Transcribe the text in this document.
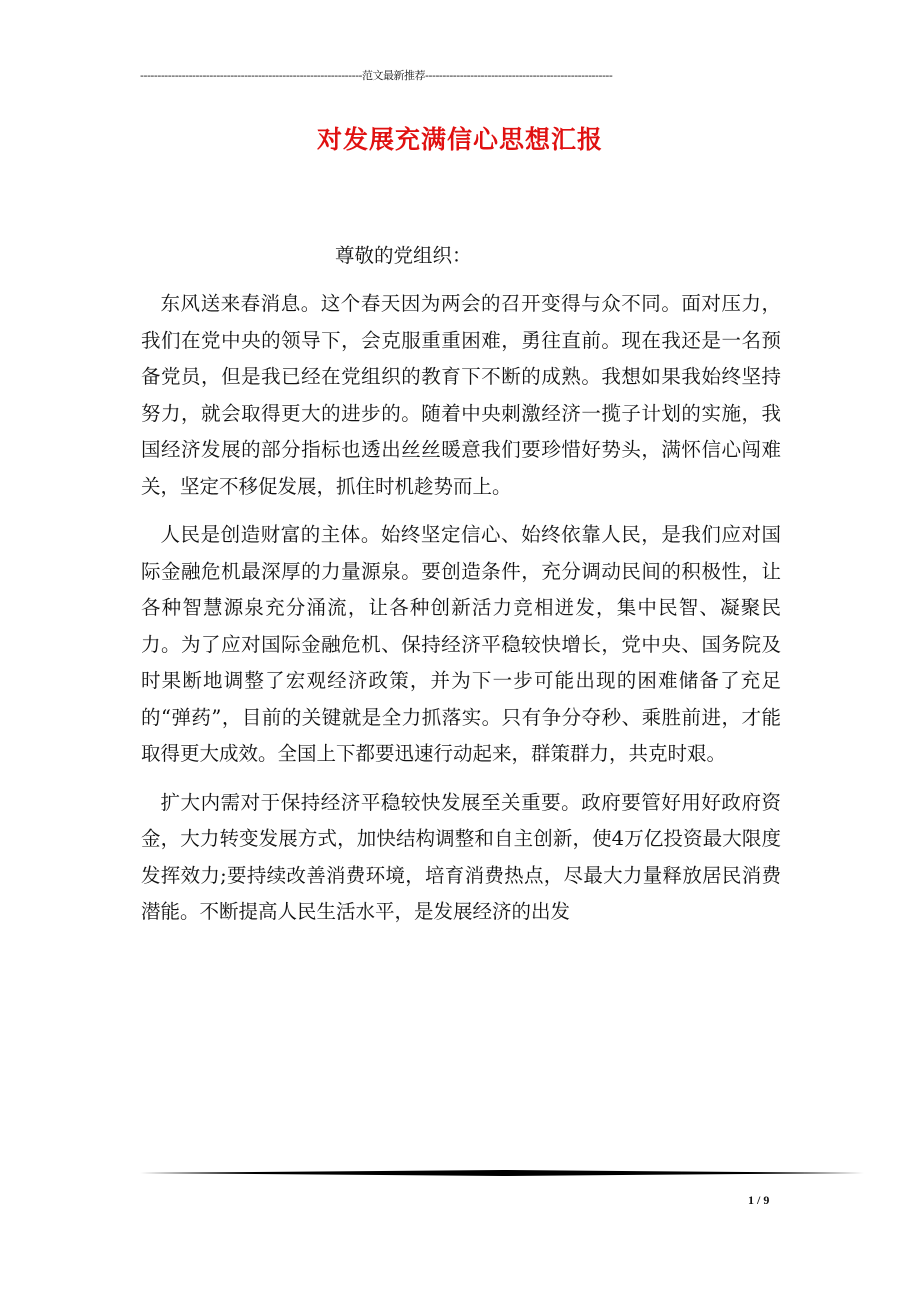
----------------------------------------------------------------范文最新推荐------------------------------------------------------
对发展充满信心思想汇报
尊敬的党组织：

东风送来春消息。这个春天因为两会的召开变得与众不同。面对压力，我们在党中央的领导下，会克服重重困难，勇往直前。现在我还是一名预备党员，但是我已经在党组织的教育下不断的成熟。我想如果我始终坚持努力，就会取得更大的进步的。随着中央刺激经济一揽子计划的实施，我国经济发展的部分指标也透出丝丝暖意我们要珍惜好势头，满怀信心闯难关，坚定不移促发展，抓住时机趁势而上。

人民是创造财富的主体。始终坚定信心、始终依靠人民，是我们应对国际金融危机最深厚的力量源泉。要创造条件，充分调动民间的积极性，让各种智慧源泉充分涌流，让各种创新活力竞相迸发，集中民智、凝聚民力。为了应对国际金融危机、保持经济平稳较快增长，党中央、国务院及时果断地调整了宏观经济政策，并为下一步可能出现的困难储备了充足的“弹药”，目前的关键就是全力抓落实。只有争分夺秒、乘胜前进，才能取得更大成效。全国上下都要迅速行动起来，群策群力，共克时艰。

扩大内需对于保持经济平稳较快发展至关重要。政府要管好用好政府资金，大力转变发展方式，加快结构调整和自主创新，使4万亿投资最大限度发挥效力;要持续改善消费环境，培育消费热点，尽最大力量释放居民消费潜能。不断提高人民生活水平，是发展经济的出发

1 / 9
